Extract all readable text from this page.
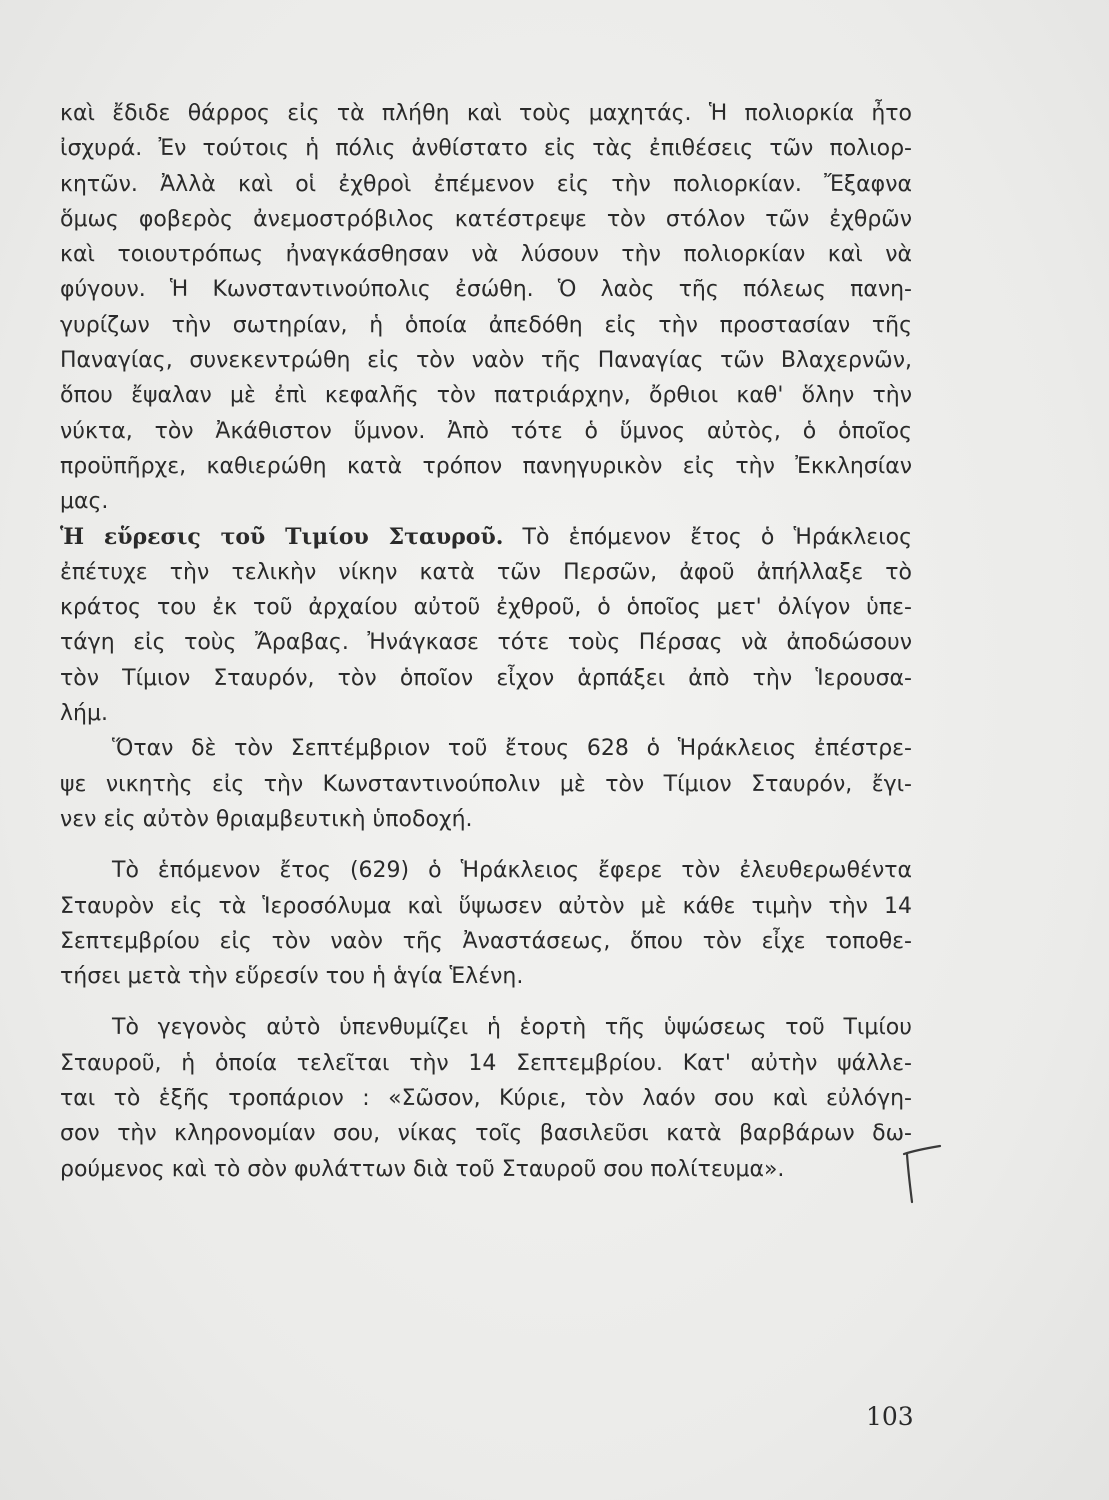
καὶ ἔδιδε θάρρος εἰς τὰ πλήθη καὶ τοὺς μαχητάς. Ἡ πολιορκία ἦτο
ἰσχυρά. Ἐν τούτοις ἡ πόλις ἀνθίστατο εἰς τὰς ἐπιθέσεις τῶν πολιορ-
κητῶν. Ἀλλὰ καὶ οἱ ἐχθροὶ ἐπέμενον εἰς τὴν πολιορκίαν. Ἔξαφνα
ὅμως φοβερὸς ἀνεμοστρόβιλος κατέστρεψε τὸν στόλον τῶν ἐχθρῶν
καὶ τοιουτρόπως ἠναγκάσθησαν νὰ λύσουν τὴν πολιορκίαν καὶ νὰ
φύγουν. Ἡ Κωνσταντινούπολις ἐσώθη. Ὁ λαὸς τῆς πόλεως πανη-
γυρίζων τὴν σωτηρίαν, ἡ ὁποία ἀπεδόθη εἰς τὴν προστασίαν τῆς
Παναγίας, συνεκεντρώθη εἰς τὸν ναὸν τῆς Παναγίας τῶν Βλαχερνῶν,
ὅπου ἔψαλαν μὲ ἐπὶ κεφαλῆς τὸν πατριάρχην, ὄρθιοι καθ' ὅλην τὴν
νύκτα, τὸν Ἀκάθιστον ὕμνον. Ἀπὸ τότε ὁ ὕμνος αὐτὸς, ὁ ὁποῖος
προϋπῆρχε, καθιερώθη κατὰ τρόπον πανηγυρικὸν εἰς τὴν Ἐκκλησίαν
μας.
Ἡ εὕρεσις τοῦ Τιμίου Σταυροῦ. Τὸ ἑπόμενον ἔτος ὁ Ἡράκλειος
ἐπέτυχε τὴν τελικὴν νίκην κατὰ τῶν Περσῶν, ἀφοῦ ἀπήλλαξε τὸ
κράτος του ἐκ τοῦ ἀρχαίου αὐτοῦ ἐχθροῦ, ὁ ὁποῖος μετ' ὀλίγον ὑπε-
τάγη εἰς τοὺς Ἄραβας. Ἠνάγκασε τότε τοὺς Πέρσας νὰ ἀποδώσουν
τὸν Τίμιον Σταυρόν, τὸν ὁποῖον εἶχον ἁρπάξει ἀπὸ τὴν Ἱερουσα-
λήμ.
Ὅταν δὲ τὸν Σεπτέμβριον τοῦ ἔτους 628 ὁ Ἡράκλειος ἐπέστρε-
ψε νικητὴς εἰς τὴν Κωνσταντινούπολιν μὲ τὸν Τίμιον Σταυρόν, ἔγι-
νεν εἰς αὐτὸν θριαμβευτικὴ ὑποδοχή.
Τὸ ἑπόμενον ἔτος (629) ὁ Ἡράκλειος ἔφερε τὸν ἐλευθερωθέντα
Σταυρὸν εἰς τὰ Ἱεροσόλυμα καὶ ὕψωσεν αὐτὸν μὲ κάθε τιμὴν τὴν 14
Σεπτεμβρίου εἰς τὸν ναὸν τῆς Ἀναστάσεως, ὅπου τὸν εἶχε τοποθε-
τήσει μετὰ τὴν εὕρεσίν του ἡ ἁγία Ἑλένη.
Τὸ γεγονὸς αὐτὸ ὑπενθυμίζει ἡ ἑορτὴ τῆς ὑψώσεως τοῦ Τιμίου
Σταυροῦ, ἡ ὁποία τελεῖται τὴν 14 Σεπτεμβρίου. Κατ' αὐτὴν ψάλλε-
ται τὸ ἑξῆς τροπάριον : «Σῶσον, Κύριε, τὸν λαόν σου καὶ εὐλόγη-
σον τὴν κληρονομίαν σου, νίκας τοῖς βασιλεῦσι κατὰ βαρβάρων δω-
ρούμενος καὶ τὸ σὸν φυλάττων διὰ τοῦ Σταυροῦ σου πολίτευμα».
103
